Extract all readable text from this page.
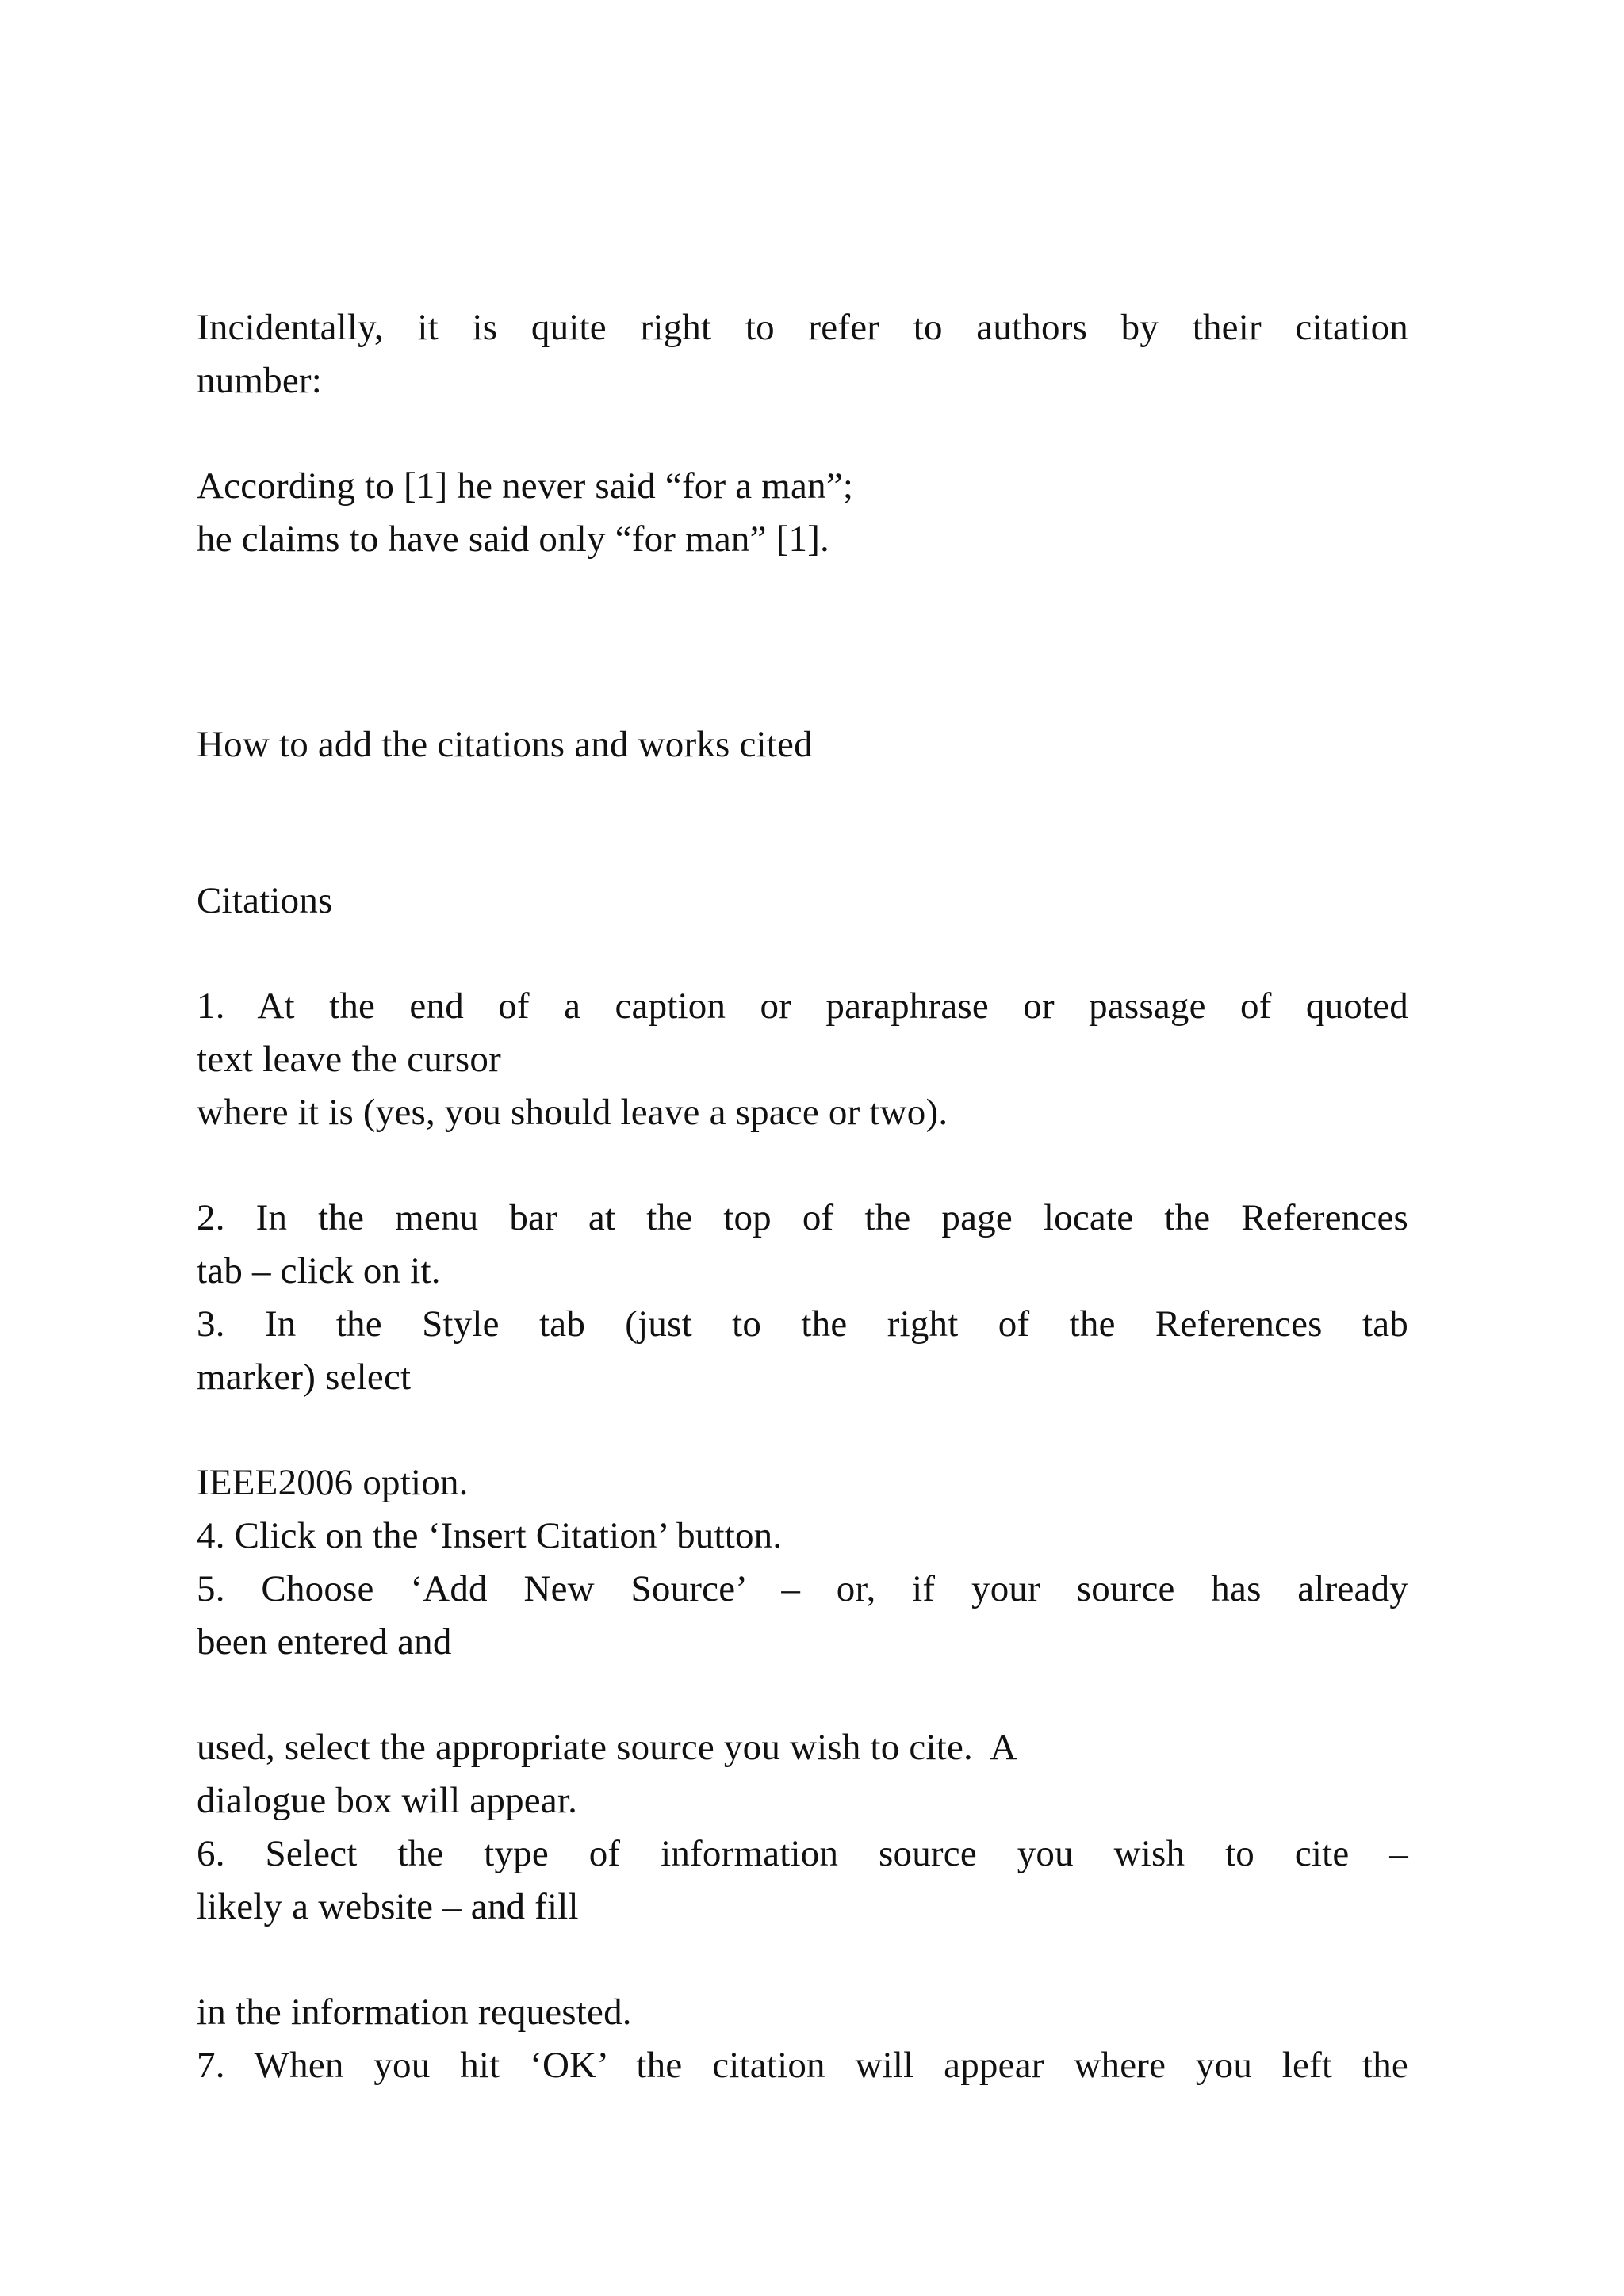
Incidentally, it is quite right to refer to authors by their citation
number:

According to [1] he never said “for a man”;
he claims to have said only “for man” [1].

How to add the citations and works cited

Citations

1. At the end of a caption or paraphrase or passage of quoted
text leave the cursor
where it is (yes, you should leave a space or two).

2. In the menu bar at the top of the page locate the References
tab – click on it.
3. In the Style tab (just to the right of the References tab
marker) select

IEEE2006 option.
4. Click on the ‘Insert Citation’ button.
5. Choose ‘Add New Source’ – or, if your source has already
been entered and

used, select the appropriate source you wish to cite.  A
dialogue box will appear.
6. Select the type of information source you wish to cite –
likely a website – and fill

in the information requested.
7. When you hit ‘OK’ the citation will appear where you left the
